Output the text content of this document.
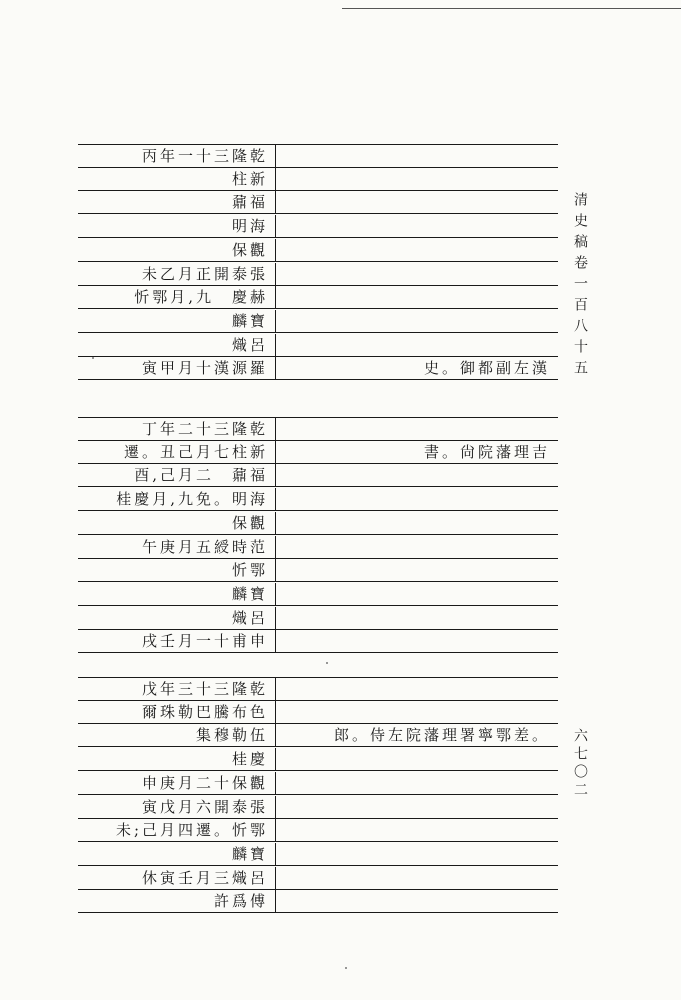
丙年一十三隆乾
柱新
鼐福
明海
保觀
未乙月正開泰張
忻鄂月,九　慶赫
麟寶
熾呂
寅甲月十漢源羅	史。御都副左漢
丁年二十三隆乾
遷。丑己月七柱新	書。尙院藩理吉
酉,己月二　鼐福
桂慶月,九免。明海
保觀
午庚月五綬時范
忻鄂
麟寶
熾呂
戌壬月一十甫申
戊年三十三隆乾
爾珠勒巴騰布色
集穆勒伍	郎。侍左院藩理署寧鄂差。
桂慶
申庚月二十保觀
寅戊月六開泰張
未;己月四遷。忻鄂
麟寶
休寅壬月三熾呂
許爲傅
清史稿卷一百八十五
六七〇二
